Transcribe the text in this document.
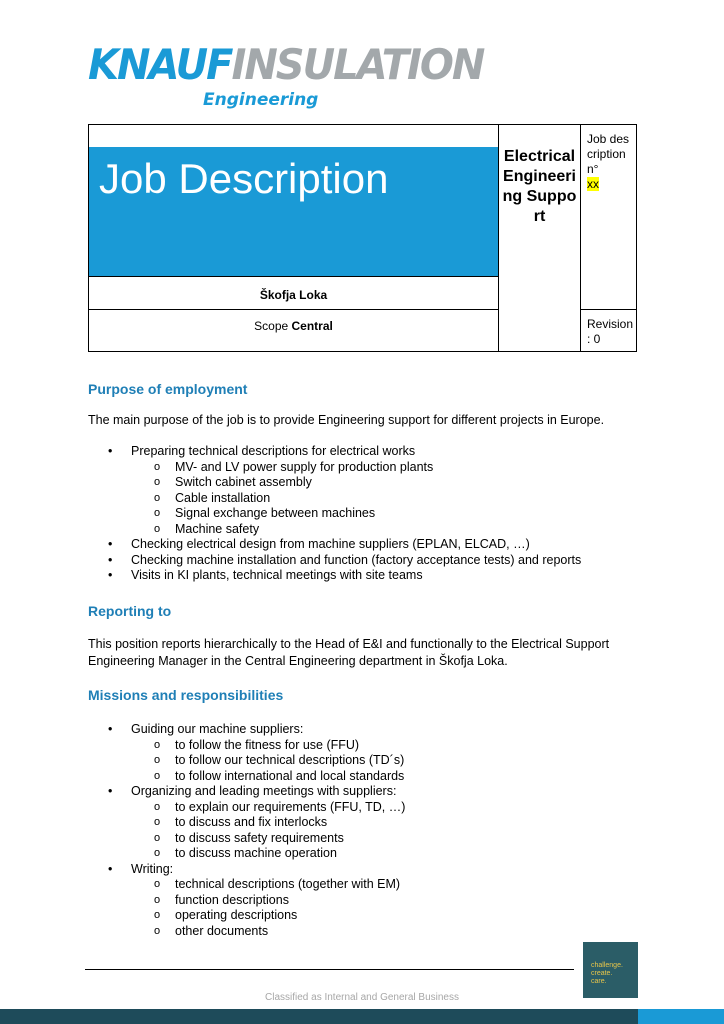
KNAUFINSULATION
Engineering
Job Description
Škofja Loka
Scope Central
Electrical Engineering Support
Job description n°
xx
Revision : 0
Purpose of employment
The main purpose of the job is to provide Engineering support for different projects in Europe.
• Preparing technical descriptions for electrical works
o MV- and LV power supply for production plants
o Switch cabinet assembly
o Cable installation
o Signal exchange between machines
o Machine safety
• Checking electrical design from machine suppliers (EPLAN, ELCAD, …)
• Checking machine installation and function (factory acceptance tests) and reports
• Visits in KI plants, technical meetings with site teams
Reporting to
This position reports hierarchically to the Head of E&I and functionally to the Electrical Support Engineering Manager in the Central Engineering department in Škofja Loka.
Missions and responsibilities
• Guiding our machine suppliers:
o to follow the fitness for use (FFU)
o to follow our technical descriptions (TD´s)
o to follow international and local standards
• Organizing and leading meetings with suppliers:
o to explain our requirements (FFU, TD, …)
o to discuss and fix interlocks
o to discuss safety requirements
o to discuss machine operation
• Writing:
o technical descriptions (together with EM)
o function descriptions
o operating descriptions
o other documents
challenge.
create.
care.
Classified as Internal and General Business
